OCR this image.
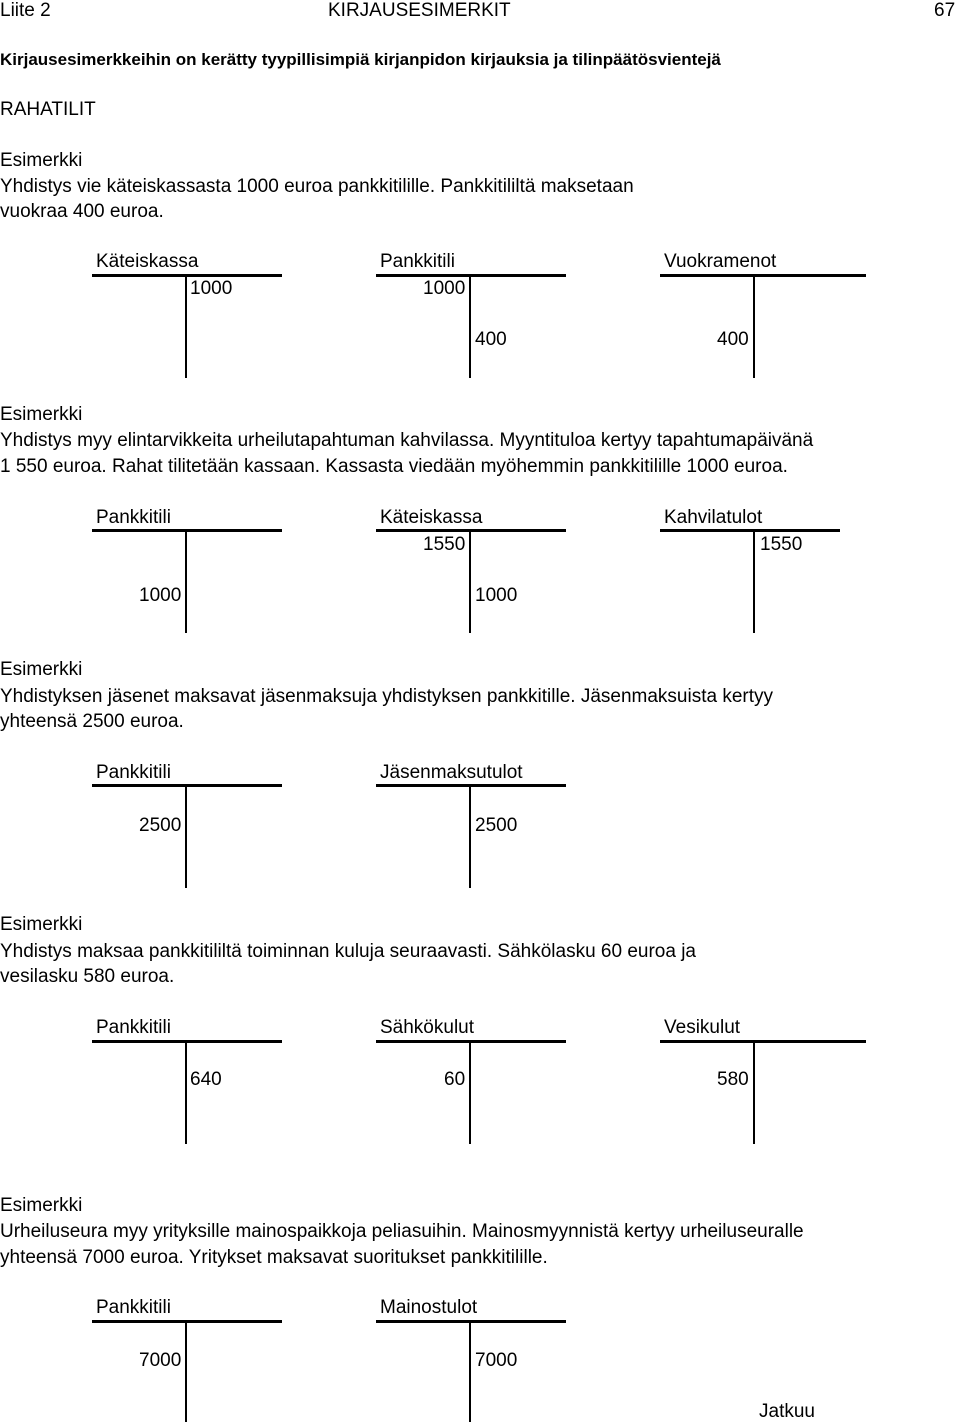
Liite 2	KIRJAUSESIMERKIT	67
Kirjausesimerkkeihin on kerätty tyypillisimpiä kirjanpidon kirjauksia ja tilinpäätösvientejä
RAHATILIT
Esimerkki
Yhdistys vie käteiskassasta 1000 euroa pankkitilille. Pankkitililtä maksetaan
vuokraa 400 euroa.
Käteiskassa
1000
Pankkitili
1000
400
Vuokramenot
400
Esimerkki
Yhdistys myy elintarvikkeita urheilutapahtuman kahvilassa. Myyntituloa kertyy tapahtumapäivänä
1 550 euroa. Rahat tilitetään kassaan. Kassasta viedään myöhemmin pankkitilille 1000 euroa.
Pankkitili
1000
Käteiskassa
1550
1000
Kahvilatulot
1550
Esimerkki
Yhdistyksen jäsenet maksavat jäsenmaksuja yhdistyksen pankkitille. Jäsenmaksuista kertyy
yhteensä 2500 euroa.
Pankkitili
2500
Jäsenmaksutulot
2500
Esimerkki
Yhdistys maksaa pankkitililtä toiminnan kuluja seuraavasti. Sähkölasku 60 euroa ja
vesilasku 580 euroa.
Pankkitili
640
Sähkökulut
60
Vesikulut
580
Esimerkki
Urheiluseura myy yrityksille mainospaikkoja peliasuihin. Mainosmyynnistä kertyy urheiluseuralle
yhteensä 7000 euroa. Yritykset maksavat suoritukset pankkitilille.
Pankkitili
7000
Mainostulot
7000
Jatkuu
